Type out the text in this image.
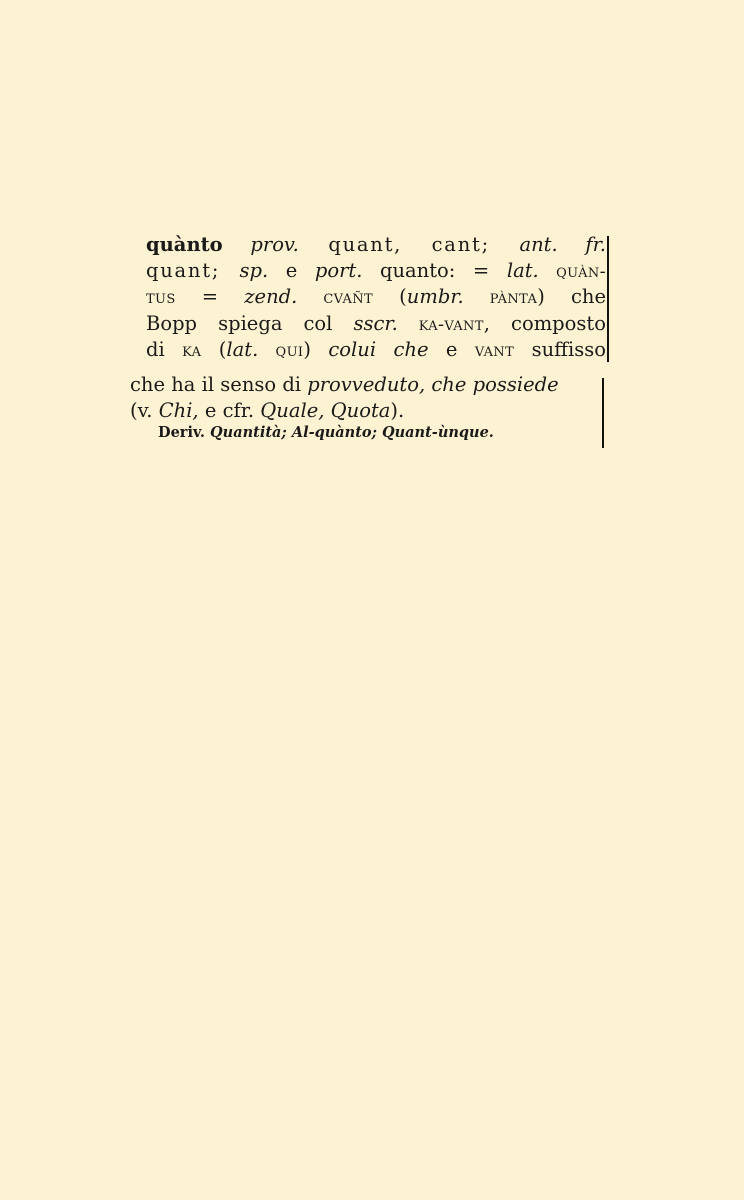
quànto prov. quant, cant; ant. fr.
quant; sp. e port. quanto: = lat. quàn-
tus = zend. cvañt (umbr. pànta) che
Bopp spiega col sscr. ka-vant, composto
di ka (lat. qui) colui che e vant suffisso
che ha il senso di provveduto, che possiede
(v. Chi, e cfr. Quale, Quota).
Deriv. Quantità; Al-quànto; Quant-ùnque.
